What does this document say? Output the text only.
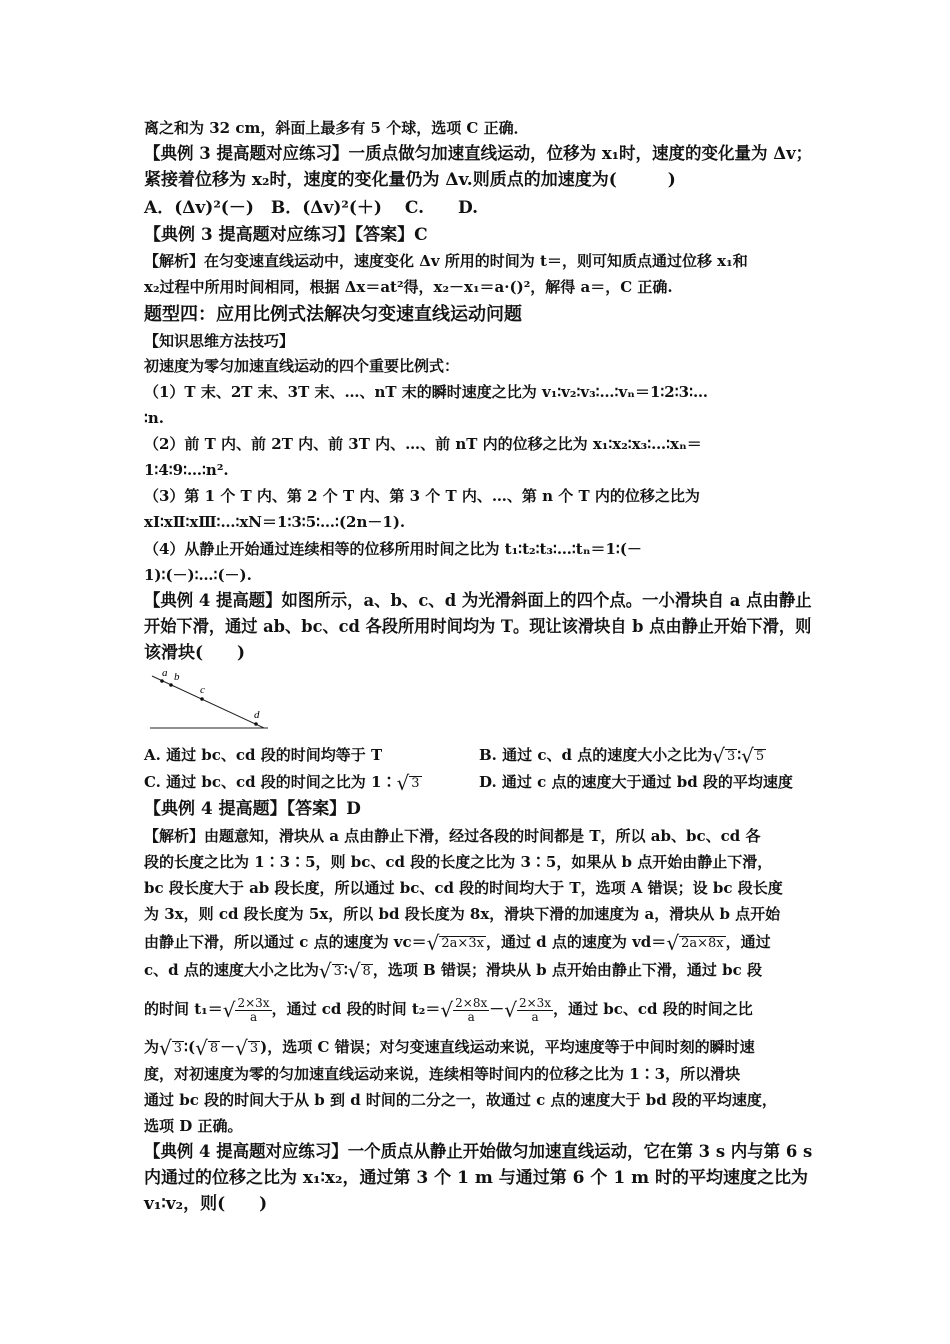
离之和为 32 cm，斜面上最多有 5 个球，选项 C 正确．
【典例 3 提高题对应练习】一质点做匀加速直线运动，位移为 x₁时，速度的变化量为 Δv；
紧接着位移为 x₂时，速度的变化量仍为 Δv.则质点的加速度为(　　　)
A．(Δv)²(－)　B．(Δv)²(＋)　 C.　　D.
【典例 3 提高题对应练习】【答案】C
【解析】在匀变速直线运动中，速度变化 Δv 所用的时间为 t＝，则可知质点通过位移 x₁和
x₂过程中所用时间相同，根据 Δx＝at²得，x₂－x₁＝a·()²，解得 a＝，C 正确.
题型四：应用比例式法解决匀变速直线运动问题
【知识思维方法技巧】
初速度为零匀加速直线运动的四个重要比例式：
（1）T 末、2T 末、3T 末、…、nT 末的瞬时速度之比为 v₁∶v₂∶v₃∶…∶vₙ＝1∶2∶3∶…
∶n.
（2）前 T 内、前 2T 内、前 3T 内、…、前 nT 内的位移之比为 x₁∶x₂∶x₃∶…∶xₙ＝
1∶4∶9∶…∶n².
（3）第 1 个 T 内、第 2 个 T 内、第 3 个 T 内、…、第 n 个 T 内的位移之比为
xⅠ∶xⅡ∶xⅢ∶…∶xN＝1∶3∶5∶…∶(2n－1).
（4）从静止开始通过连续相等的位移所用时间之比为 t₁∶t₂∶t₃∶…∶tₙ＝1∶(－
1)∶(－)∶…∶(－).
【典例 4 提高题】如图所示，a、b、c、d 为光滑斜面上的四个点。一小滑块自 a 点由静止
开始下滑，通过 ab、bc、cd 各段所用时间均为 T。现让该滑块自 b 点由静止开始下滑，则
该滑块(　　)
a b
c
d
A. 通过 bc、cd 段的时间均等于 T	B. 通过 c、d 点的速度大小之比为√ 3 ∶√ 5
C. 通过 bc、cd 段的时间之比为 1∶√ 3	D. 通过 c 点的速度大于通过 bd 段的平均速度
【典例 4 提高题】【答案】D
【解析】由题意知，滑块从 a 点由静止下滑，经过各段的时间都是 T，所以 ab、bc、cd 各
段的长度之比为 1∶3∶5，则 bc、cd 段的长度之比为 3∶5，如果从 b 点开始由静止下滑，
bc 段长度大于 ab 段长度，所以通过 bc、cd 段的时间均大于 T，选项 A 错误；设 bc 段长度
为 3x，则 cd 段长度为 5x，所以 bd 段长度为 8x，滑块下滑的加速度为 a，滑块从 b 点开始
由静止下滑，所以通过 c 点的速度为 vc＝√ 2a×3x ，通过 d 点的速度为 vd＝√ 2a×8x ，通过
c、d 点的速度大小之比为√ 3 ∶√ 8 ，选项 B 错误；滑块从 b 点开始由静止下滑，通过 bc 段
的时间 $t_1=√ \frac{2\times 3x}{a}$ ，通过 cd 段的时间 $t_2=√ \frac{2\times 8x}{a}$ －√ $\frac{2\times 3x}{a}$ ，通过 bc、cd 段的时间之比
为√ 3 ∶(√ 8 －√ 3 )，选项 C 错误；对匀变速直线运动来说，平均速度等于中间时刻的瞬时速
度，对初速度为零的匀加速直线运动来说，连续相等时间内的位移之比为 1∶3，所以滑块
通过 bc 段的时间大于从 b 到 d 时间的二分之一，故通过 c 点的速度大于 bd 段的平均速度，
选项 D 正确。
【典例 4 提高题对应练习】一个质点从静止开始做匀加速直线运动，它在第 3 s 内与第 6 s
内通过的位移之比为 x₁∶x₂，通过第 3 个 1 m 与通过第 6 个 1 m 时的平均速度之比为
v₁∶v₂，则(　　)
